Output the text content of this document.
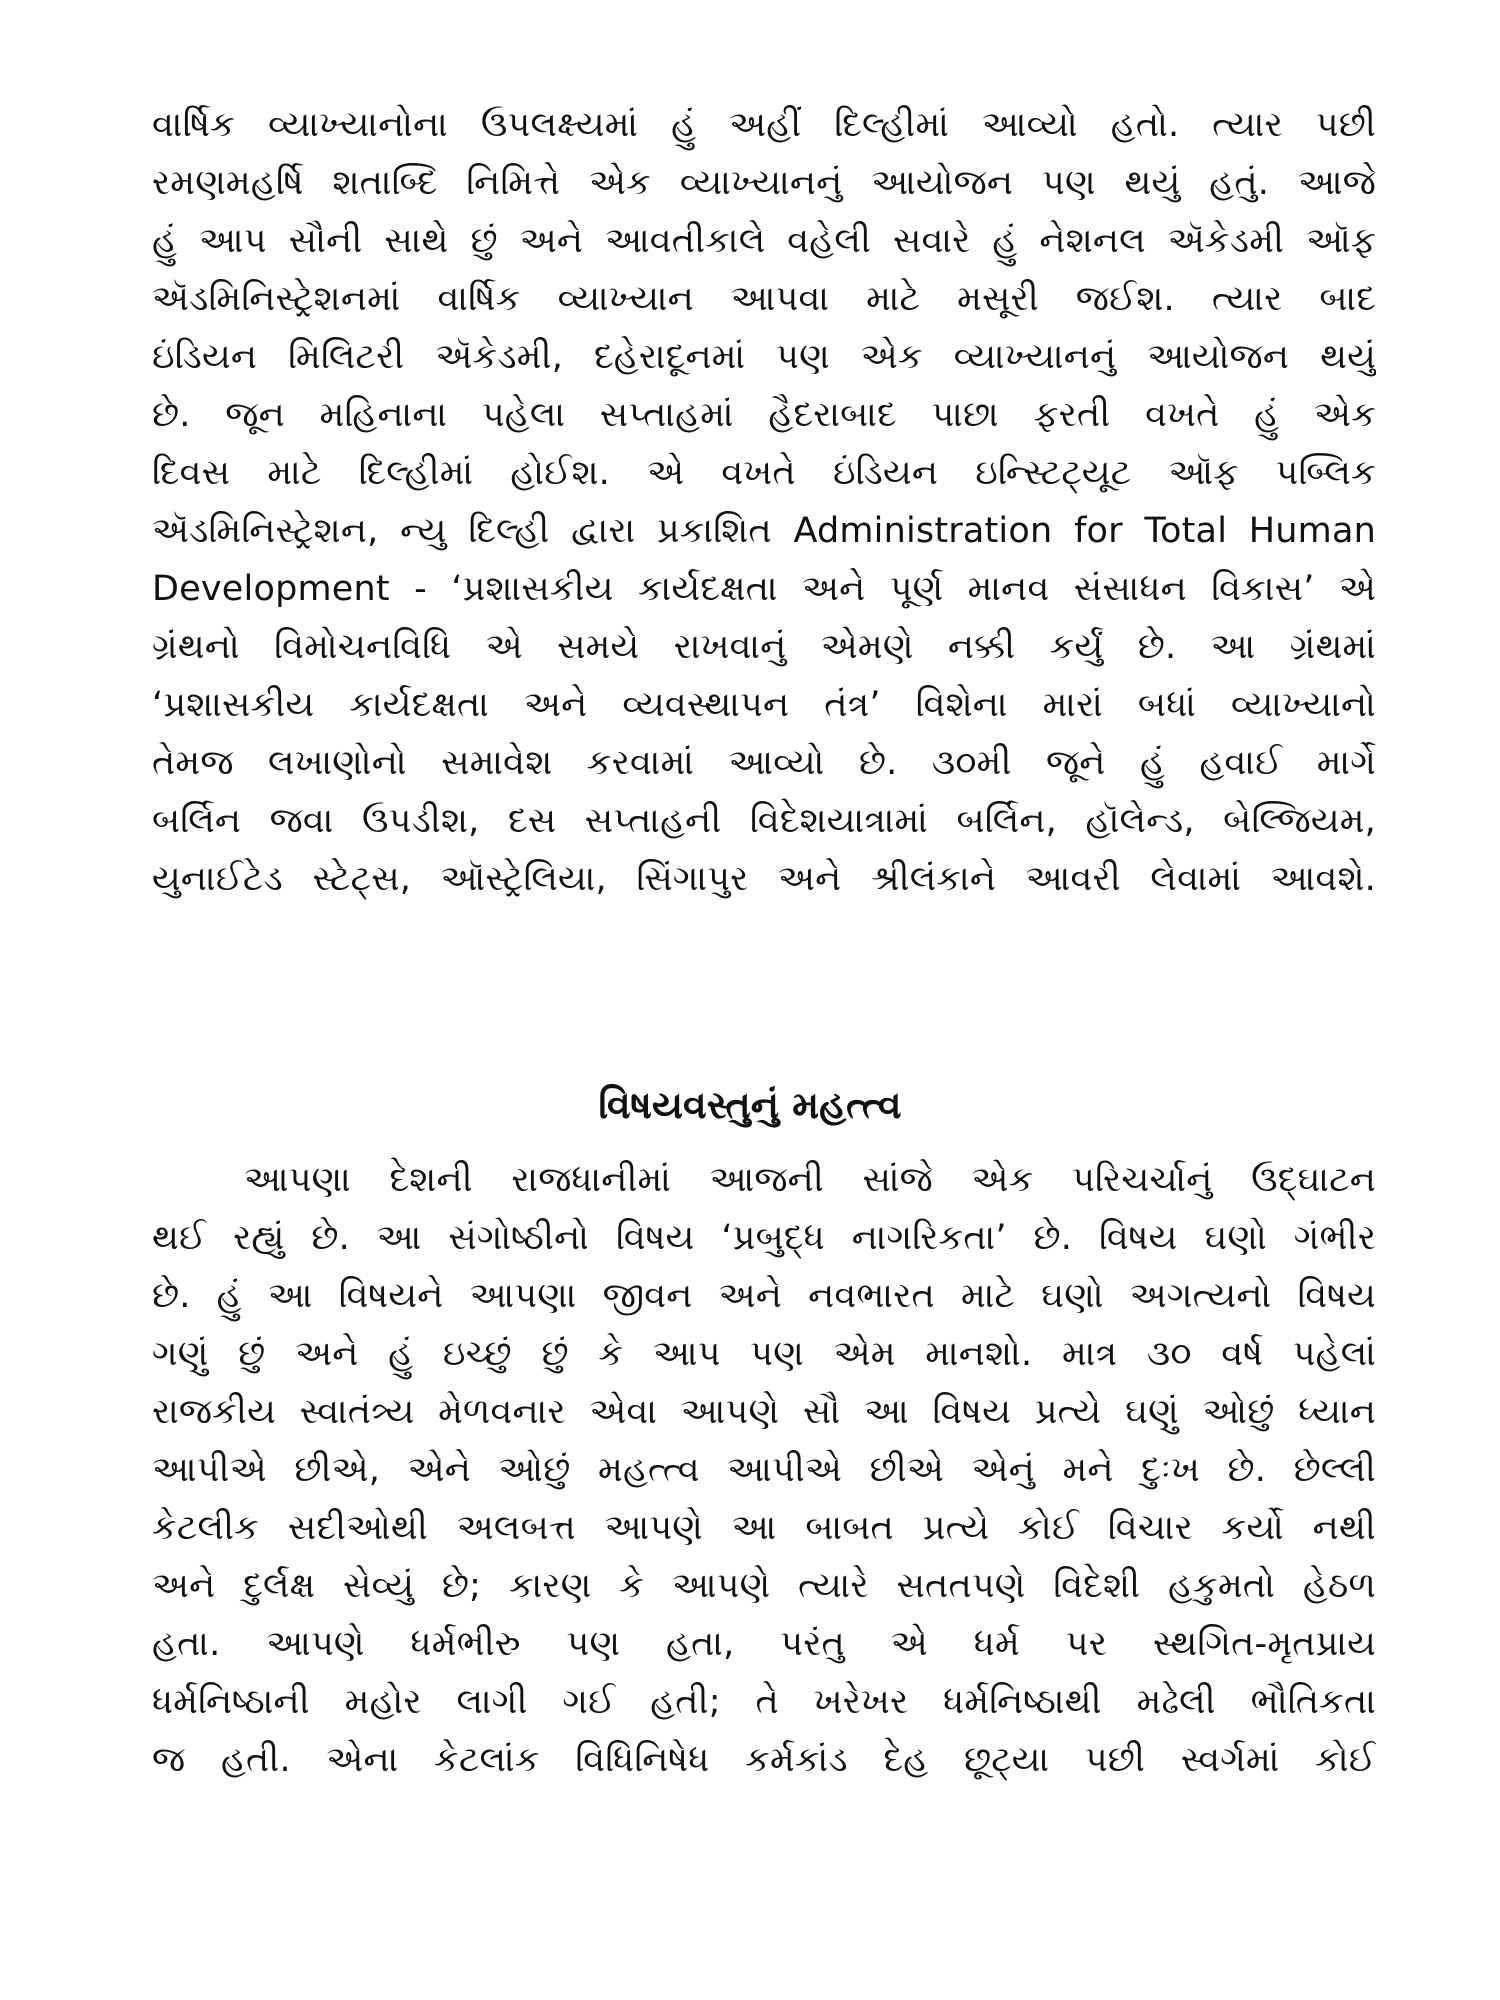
વાર્ષિક વ્યાખ્યાનોના ઉપલક્ષ્યમાં હું અહીં દિલ્હીમાં આવ્યો હતો. ત્યાર પછી
રમણમહર્ષિ શતાબ્દિ નિમિત્તે એક વ્યાખ્યાનનું આયોજન પણ થયું હતું. આજે
હું આપ સૌની સાથે છું અને આવતીકાલે વહેલી સવારે હું નેશનલ ઍકેડમી ઑફ
ઍડમિનિસ્ટ્રેશનમાં વાર્ષિક વ્યાખ્યાન આપવા માટે મસૂરી જઈશ. ત્યાર બાદ
ઇંડિયન મિલિટરી ઍકેડમી, દહેરાદૂનમાં પણ એક વ્યાખ્યાનનું આયોજન થયું
છે. જૂન મહિનાના પહેલા સપ્તાહમાં હૈદરાબાદ પાછા ફરતી વખતે હું એક
દિવસ માટે દિલ્હીમાં હોઈશ. એ વખતે ઇંડિયન ઇન્સ્ટિટ્યૂટ ઑફ પબ્લિક
ઍડમિનિસ્ટ્રેશન, ન્યુ દિલ્હી દ્વારા પ્રકાશિત Administration for Total Human
Development - ‘પ્રશાસકીય કાર્યદક્ષતા અને પૂર્ણ માનવ સંસાધન વિકાસ’ એ
ગ્રંથનો વિમોચનવિધિ એ સમયે રાખવાનું એમણે નક્કી કર્યું છે. આ ગ્રંથમાં
‘પ્રશાસકીય કાર્યદક્ષતા અને વ્યવસ્થાપન તંત્ર’ વિશેના મારાં બધાં વ્યાખ્યાનો
તેમજ લખાણોનો સમાવેશ કરવામાં આવ્યો છે. ૩૦મી જૂને હું હવાઈ માર્ગે
બર્લિન જવા ઉપડીશ, દસ સપ્તાહની વિદેશયાત્રામાં બર્લિન, હૉલેન્ડ, બેલ્જિયમ,
યુનાઈટેડ સ્ટેટ્સ, ઑસ્ટ્રેલિયા, સિંગાપુર અને શ્રીલંકાને આવરી લેવામાં આવશે.
વિષયવસ્તુનું મહત્ત્વ
આપણા દેશની રાજધાનીમાં આજની સાંજે એક પરિચર્ચાનું ઉદ્ઘાટન
થઈ રહ્યું છે. આ સંગોષ્ઠીનો વિષય ‘પ્રબુદ્ધ નાગરિકતા’ છે. વિષય ઘણો ગંભીર
છે. હું આ વિષયને આપણા જીવન અને નવભારત માટે ઘણો અગત્યનો વિષય
ગણું છું અને હું ઇચ્છું છું કે આપ પણ એમ માનશો. માત્ર ૩૦ વર્ષ પહેલાં
રાજકીય સ્વાતંત્ર્ય મેળવનાર એવા આપણે સૌ આ વિષય પ્રત્યે ઘણું ઓછું ધ્યાન
આપીએ છીએ, એને ઓછું મહત્ત્વ આપીએ છીએ એનું મને દુઃખ છે. છેલ્લી
કેટલીક સદીઓથી અલબત્ત આપણે આ બાબત પ્રત્યે કોઈ વિચાર કર્યો નથી
અને દુર્લક્ષ સેવ્યું છે; કારણ કે આપણે ત્યારે સતતપણે વિદેશી હકુમતો હેઠળ
હતા. આપણે ધર્મભીરુ પણ હતા, પરંતુ એ ધર્મ પર સ્થગિત-મૃતપ્રાય
ધર્મનિષ્ઠાની મહોર લાગી ગઈ હતી; તે ખરેખર ધર્મનિષ્ઠાથી મઢેલી ભૌતિકતા
જ હતી. એના કેટલાંક વિધિનિષેધ કર્મકાંડ દેહ છૂટ્યા પછી સ્વર્ગમાં કોઈ
